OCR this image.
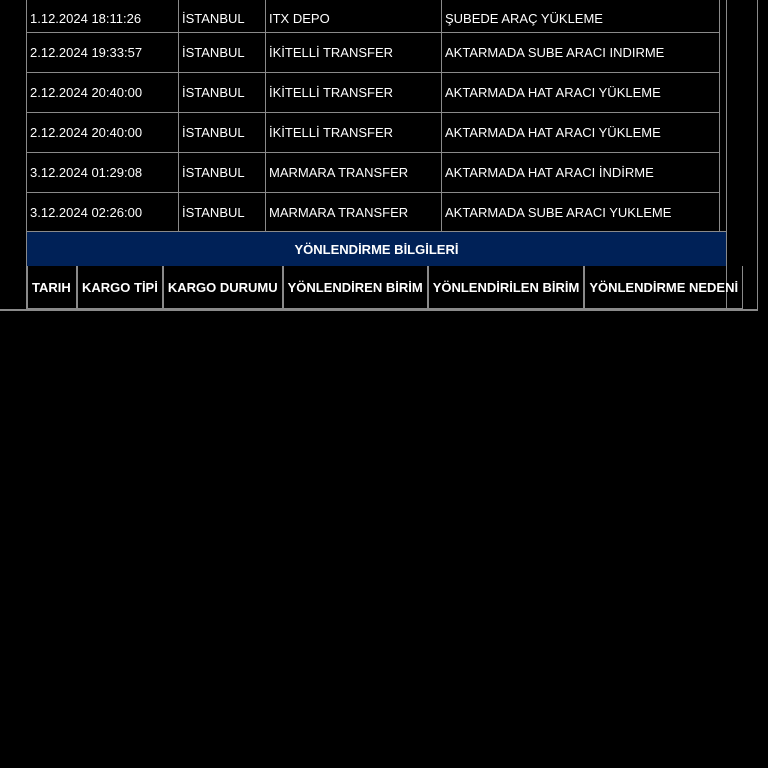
1.12.2024 18:11:26	İSTANBUL	ITX DEPO	ŞUBEDE ARAÇ YÜKLEME
2.12.2024 19:33:57	İSTANBUL	İKİTELLİ TRANSFER	AKTARMADA SUBE ARACI INDIRME
2.12.2024 20:40:00	İSTANBUL	İKİTELLİ TRANSFER	AKTARMADA HAT ARACI YÜKLEME
2.12.2024 20:40:00	İSTANBUL	İKİTELLİ TRANSFER	AKTARMADA HAT ARACI YÜKLEME
3.12.2024 01:29:08	İSTANBUL	MARMARA TRANSFER	AKTARMADA HAT ARACI İNDİRME
3.12.2024 02:26:00	İSTANBUL	MARMARA TRANSFER	AKTARMADA SUBE ARACI YUKLEME
YÖNLENDİRME BİLGİLERİ
TARIH	KARGO TİPİ	KARGO DURUMU	YÖNLENDİREN BİRİM	YÖNLENDİRİLEN BİRİM	YÖNLENDİRME NEDENİ
